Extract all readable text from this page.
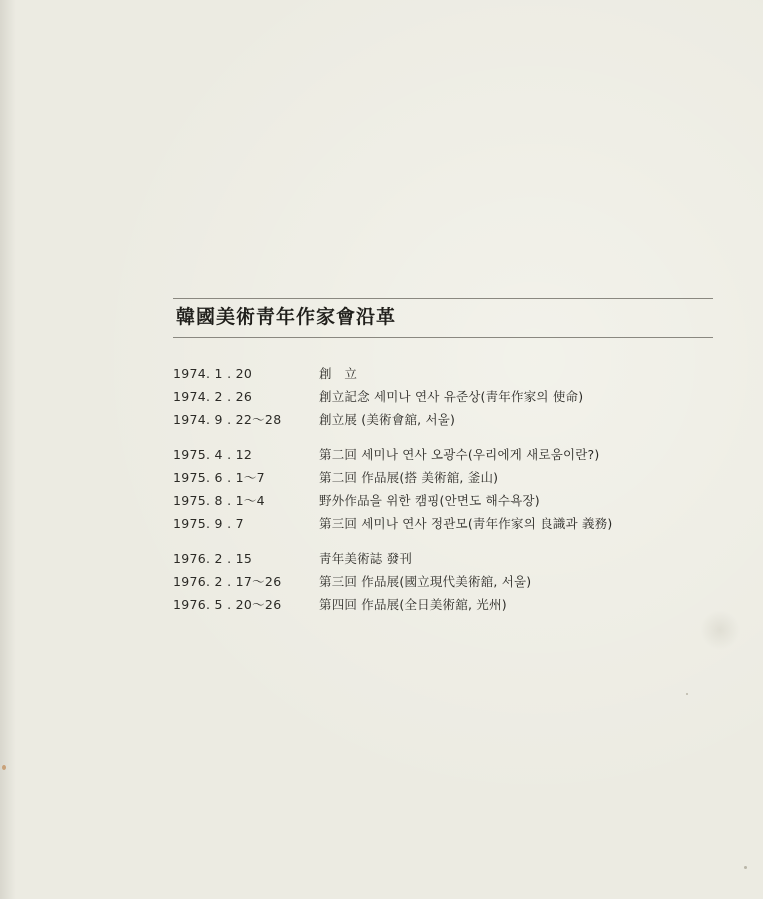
韓國美術靑年作家會沿革
1974. 1 . 20	創　立
1974. 2 . 26	創立記念 세미나 연사 유준상(靑年作家의 使命)
1974. 9 . 22～28	創立展 (美術會舘, 서울)
1975. 4 . 12	第二回 세미나 연사 오광수(우리에게 새로움이란?)
1975. 6 . 1～7	第二回 作品展(搭 美術舘, 釜山)
1975. 8 . 1～4	野外作品을 위한 캠핑(안면도 해수욕장)
1975. 9 . 7	第三回 세미나 연사 정관모(靑年作家의 良識과 義務)
1976. 2 . 15	靑年美術誌 發刊
1976. 2 . 17～26	第三回 作品展(國立現代美術舘, 서울)
1976. 5 . 20～26	第四回 作品展(全日美術舘, 光州)
